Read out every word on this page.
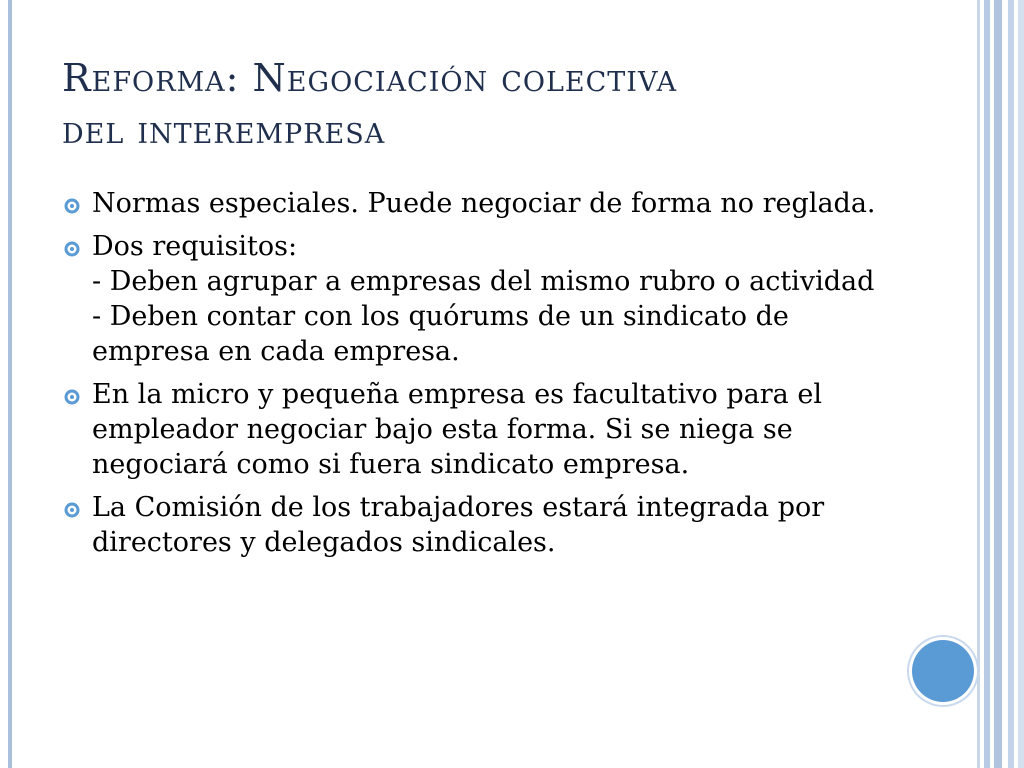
Reforma: Negociación colectiva
del interempresa
Normas especiales. Puede negociar de forma no reglada.
Dos requisitos:
- Deben agrupar a empresas del mismo rubro o actividad
- Deben contar con los quórums de un sindicato de empresa en cada empresa.
En la micro y pequeña empresa es facultativo para el empleador negociar bajo esta forma. Si se niega se negociará como si fuera sindicato empresa.
La Comisión de los trabajadores estará integrada por directores y delegados sindicales.
